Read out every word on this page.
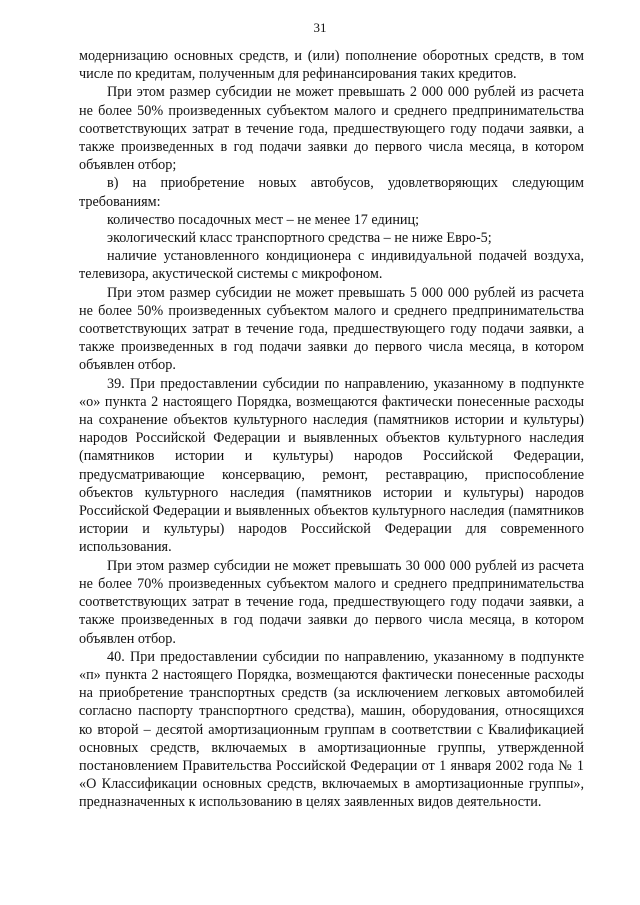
31

модернизацию основных средств, и (или) пополнение оборотных средств, в том числе по кредитам, полученным для рефинансирования таких кредитов.

При этом размер субсидии не может превышать 2 000 000 рублей из расчета не более 50% произведенных субъектом малого и среднего предпринимательства соответствующих затрат в течение года, предшествующего году подачи заявки, а также произведенных в год подачи заявки до первого числа месяца, в котором объявлен отбор;

в) на приобретение новых автобусов, удовлетворяющих следующим требованиям:

количество посадочных мест – не менее 17 единиц;

экологический класс транспортного средства – не ниже Евро-5;

наличие установленного кондиционера с индивидуальной подачей воздуха, телевизора, акустической системы с микрофоном.

При этом размер субсидии не может превышать 5 000 000 рублей из расчета не более 50% произведенных субъектом малого и среднего предпринимательства соответствующих затрат в течение года, предшествующего году подачи заявки, а также произведенных в год подачи заявки до первого числа месяца, в котором объявлен отбор.

39. При предоставлении субсидии по направлению, указанному в подпункте «о» пункта 2 настоящего Порядка, возмещаются фактически понесенные расходы на сохранение объектов культурного наследия (памятников истории и культуры) народов Российской Федерации и выявленных объектов культурного наследия (памятников истории и культуры) народов Российской Федерации, предусматривающие консервацию, ремонт, реставрацию, приспособление объектов культурного наследия (памятников истории и культуры) народов Российской Федерации и выявленных объектов культурного наследия (памятников истории и культуры) народов Российской Федерации для современного использования.

При этом размер субсидии не может превышать 30 000 000 рублей из расчета не более 70% произведенных субъектом малого и среднего предпринимательства соответствующих затрат в течение года, предшествующего году подачи заявки, а также произведенных в год подачи заявки до первого числа месяца, в котором объявлен отбор.

40. При предоставлении субсидии по направлению, указанному в подпункте «п» пункта 2 настоящего Порядка, возмещаются фактически понесенные расходы на приобретение транспортных средств (за исключением легковых автомобилей согласно паспорту транспортного средства), машин, оборудования, относящихся ко второй – десятой амортизационным группам в соответствии с Квалификацией основных средств, включаемых в амортизационные группы, утвержденной постановлением Правительства Российской Федерации от 1 января 2002 года № 1 «О Классификации основных средств, включаемых в амортизационные группы», предназначенных к использованию в целях заявленных видов деятельности.
